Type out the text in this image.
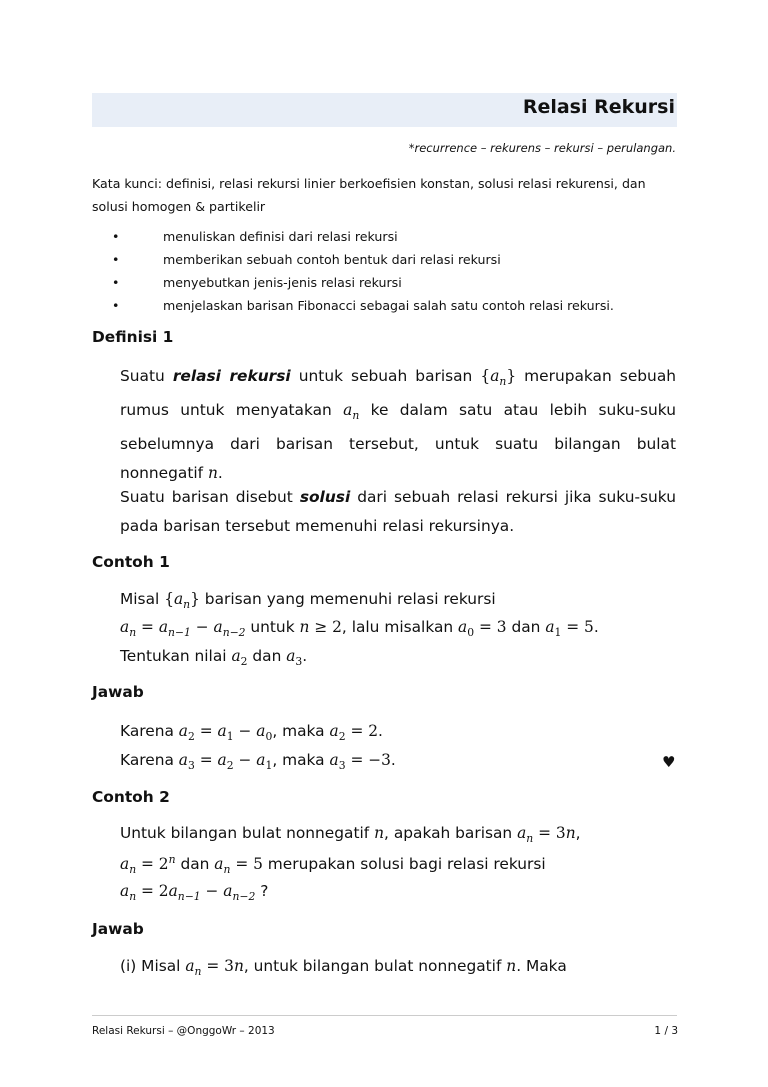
Relasi Rekursi
*recurrence – rekurens – rekursi – perulangan.
Kata kunci: definisi, relasi rekursi linier berkoefisien konstan, solusi relasi rekurensi, dan solusi homogen & partikelir
•	menuliskan definisi dari relasi rekursi
•	memberikan sebuah contoh bentuk dari relasi rekursi
•	menyebutkan jenis-jenis relasi rekursi
•	menjelaskan barisan Fibonacci sebagai salah satu contoh relasi rekursi.
Definisi 1
Suatu relasi rekursi untuk sebuah barisan $\{a_n\}$ merupakan sebuah rumus untuk menyatakan $a_n$ ke dalam satu atau lebih suku-suku sebelumnya dari barisan tersebut, untuk suatu bilangan bulat nonnegatif n.
Suatu barisan disebut solusi dari sebuah relasi rekursi jika suku-suku pada barisan tersebut memenuhi relasi rekursinya.
Contoh 1
Misal $\{a_n\}$ barisan yang memenuhi relasi rekursi
$a_n = a_{n-1} - a_{n-2}$ untuk n ≥ 2, lalu misalkan $a_0 = 3$ dan $a_1 = 5$.
Tentukan nilai $a_2$ dan $a_3$.
Jawab
Karena $a_2 = a_1 - a_0$, maka $a_2 = 2$.
Karena $a_3 = a_2 - a_1$, maka $a_3 = -3$.	♥
Contoh 2
Untuk bilangan bulat nonnegatif n, apakah barisan $a_n = 3n$,
$a_n = 2^n$ dan $a_n = 5$ merupakan solusi bagi relasi rekursi
$a_n = 2a_{n-1} - a_{n-2}$ ?
Jawab
(i) Misal $a_n = 3n$, untuk bilangan bulat nonnegatif n. Maka
Relasi Rekursi – @OnggoWr – 2013	1 / 3
